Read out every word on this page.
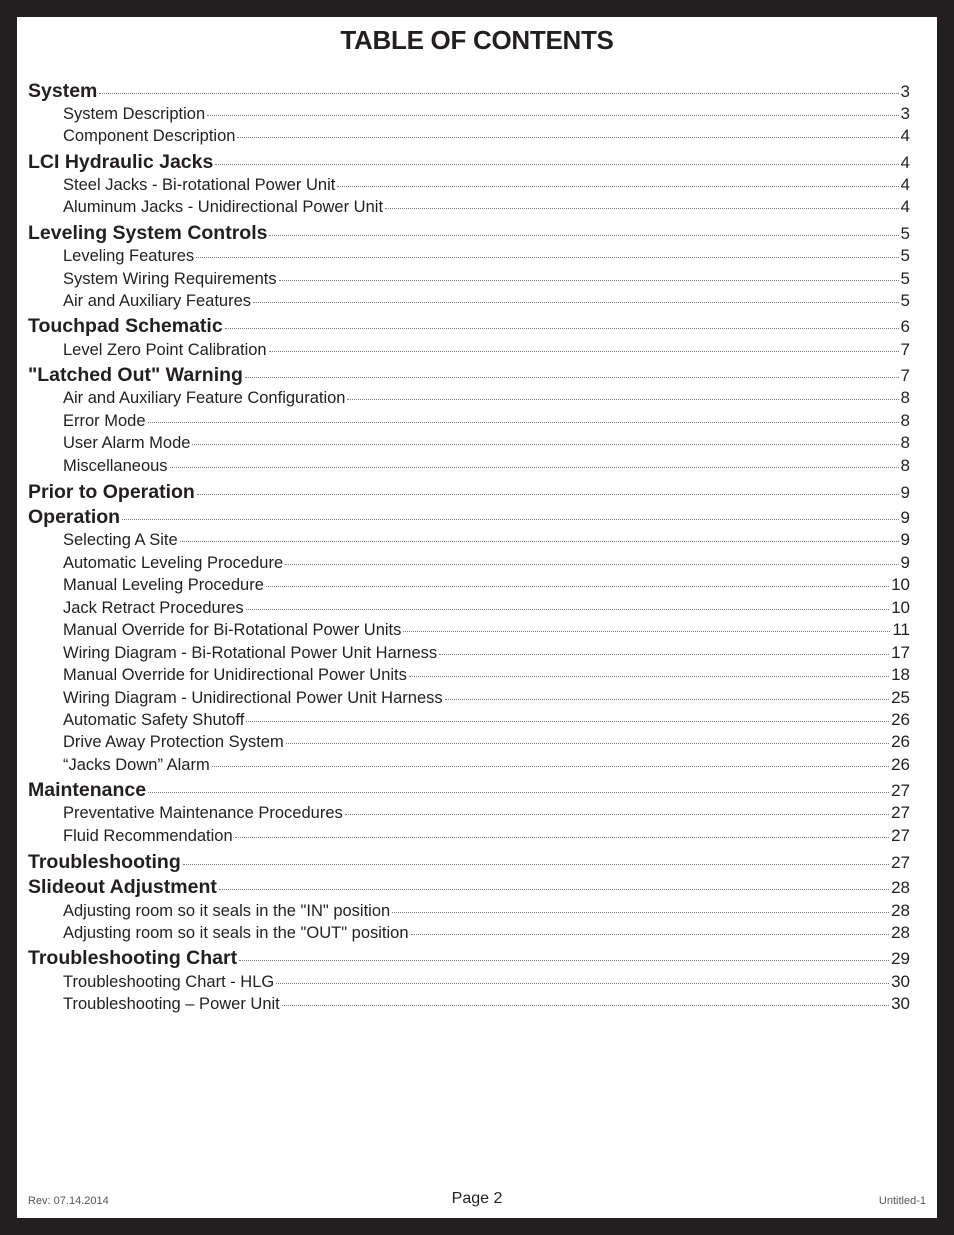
TABLE OF CONTENTS
System	3
System Description	3
Component Description	4
LCI Hydraulic Jacks	4
Steel Jacks - Bi-rotational Power Unit	4
Aluminum Jacks - Unidirectional Power Unit	4
Leveling System Controls	5
Leveling Features	5
System Wiring Requirements	5
Air and Auxiliary Features	5
Touchpad Schematic	6
Level Zero Point Calibration	7
"Latched Out" Warning	7
Air and Auxiliary Feature Configuration	8
Error Mode	8
User Alarm Mode	8
Miscellaneous	8
Prior to Operation	9
Operation	9
Selecting A Site	9
Automatic Leveling Procedure	9
Manual Leveling Procedure	10
Jack Retract Procedures	10
Manual Override for Bi-Rotational Power Units	11
Wiring Diagram - Bi-Rotational Power Unit Harness	17
Manual Override for Unidirectional Power Units	18
Wiring Diagram - Unidirectional Power Unit Harness	25
Automatic Safety Shutoff	26
Drive Away Protection System	26
“Jacks Down” Alarm	26
Maintenance	27
Preventative Maintenance Procedures	27
Fluid Recommendation	27
Troubleshooting	27
Slideout Adjustment	28
Adjusting room so it seals in the "IN" position	28
Adjusting room so it seals in the "OUT" position	28
Troubleshooting Chart	29
Troubleshooting Chart - HLG	30
Troubleshooting – Power Unit	30
Rev: 07.14.2014	Page 2	Untitled-1
